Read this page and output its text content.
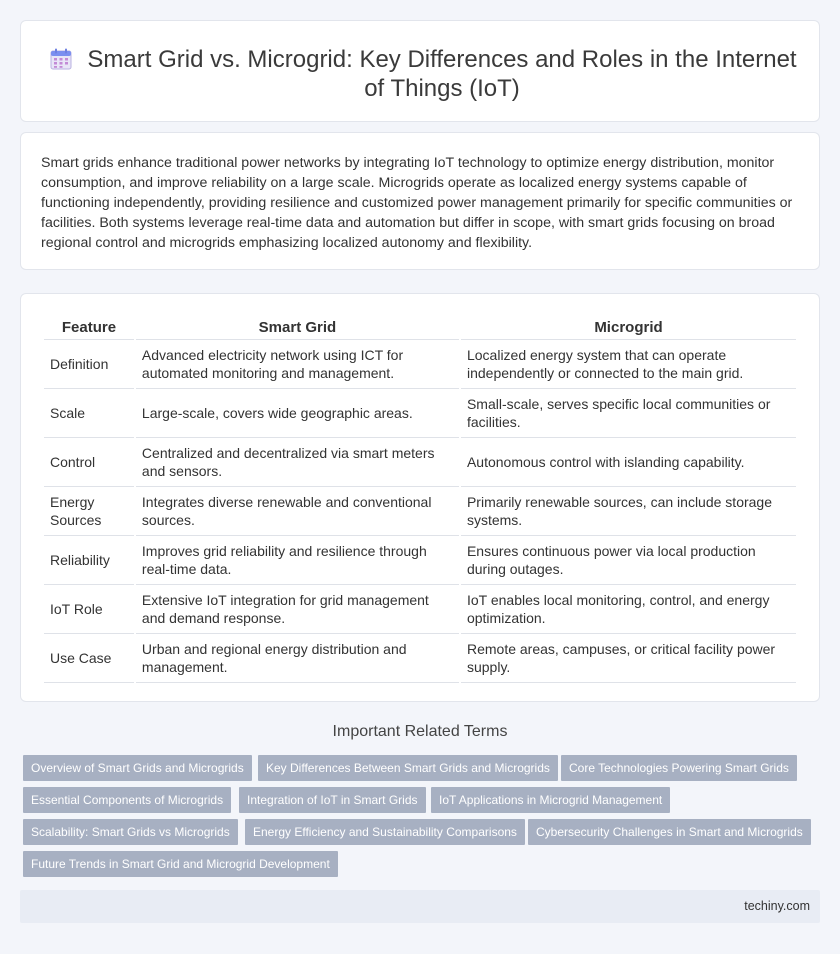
Smart Grid vs. Microgrid: Key Differences and Roles in the Internet of Things (IoT)

Smart grids enhance traditional power networks by integrating IoT technology to optimize energy distribution, monitor consumption, and improve reliability on a large scale. Microgrids operate as localized energy systems capable of functioning independently, providing resilience and customized power management primarily for specific communities or facilities. Both systems leverage real-time data and automation but differ in scope, with smart grids focusing on broad regional control and microgrids emphasizing localized autonomy and flexibility.

Feature	Smart Grid	Microgrid
Definition	Advanced electricity network using ICT for automated monitoring and management.	Localized energy system that can operate independently or connected to the main grid.
Scale	Large-scale, covers wide geographic areas.	Small-scale, serves specific local communities or facilities.
Control	Centralized and decentralized via smart meters and sensors.	Autonomous control with islanding capability.
Energy Sources	Integrates diverse renewable and conventional sources.	Primarily renewable sources, can include storage systems.
Reliability	Improves grid reliability and resilience through real-time data.	Ensures continuous power via local production during outages.
IoT Role	Extensive IoT integration for grid management and demand response.	IoT enables local monitoring, control, and energy optimization.
Use Case	Urban and regional energy distribution and management.	Remote areas, campuses, or critical facility power supply.
Important Related Terms
Overview of Smart Grids and Microgrids	Key Differences Between Smart Grids and Microgrids	Core Technologies Powering Smart Grids
Essential Components of Microgrids	Integration of IoT in Smart Grids	IoT Applications in Microgrid Management
Scalability: Smart Grids vs Microgrids	Energy Efficiency and Sustainability Comparisons	Cybersecurity Challenges in Smart and Microgrids
Future Trends in Smart Grid and Microgrid Development
techiny.com
